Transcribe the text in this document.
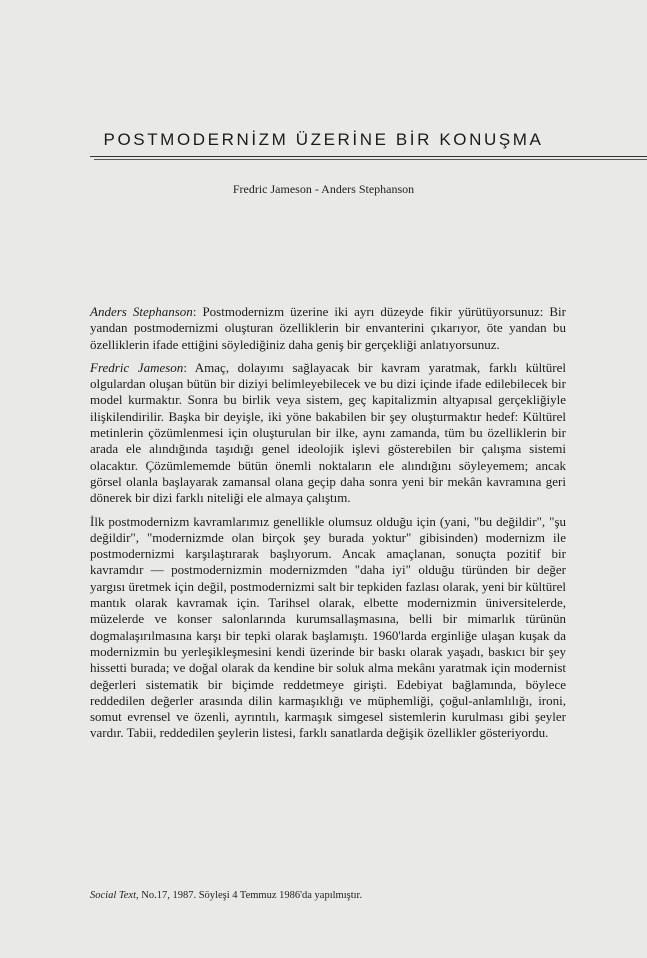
POSTMODERNİZM ÜZERİNE BİR KONUŞMA
Fredric Jameson - Anders Stephanson

Anders Stephanson: Postmodernizm üzerine iki ayrı düzeyde fikir yürütüyorsunuz: Bir yandan postmodernizmi oluşturan özelliklerin bir envanterini çıkarıyor, öte yandan bu özelliklerin ifade ettiğini söylediğiniz daha geniş bir gerçekliği anlatıyorsunuz.

Fredric Jameson: Amaç, dolayımı sağlayacak bir kavram yaratmak, farklı kültürel olgulardan oluşan bütün bir diziyi belimleyebilecek ve bu dizi içinde ifade edilebilecek bir model kurmaktır. Sonra bu birlik veya sistem, geç kapitalizmin altyapısal gerçekliğiyle ilişkilendirilir. Başka bir deyişle, iki yöne bakabilen bir şey oluşturmaktır hedef: Kültürel metinlerin çözümlenmesi için oluşturulan bir ilke, aynı zamanda, tüm bu özelliklerin bir arada ele alındığında taşıdığı genel ideolojik işlevi gösterebilen bir çalışma sistemi olacaktır. Çözümlememde bütün önemli noktaların ele alındığını söyleyemem; ancak görsel olanla başlayarak zamansal olana geçip daha sonra yeni bir mekân kavramına geri dönerek bir dizi farklı niteliği ele almaya çalıştım.

İlk postmodernizm kavramlarımız genellikle olumsuz olduğu için (yani, "bu değildir", "şu değildir", "modernizmde olan birçok şey burada yoktur" gibisinden) modernizm ile postmodernizmi karşılaştırarak başlıyorum. Ancak amaçlanan, sonuçta pozitif bir kavramdır — postmodernizmin modernizmden "daha iyi" olduğu türünden bir değer yargısı üretmek için değil, postmodernizmi salt bir tepkiden fazlası olarak, yeni bir kültürel mantık olarak kavramak için. Tarihsel olarak, elbette modernizmin üniversitelerde, müzelerde ve konser salonlarında kurumsallaşmasına, belli bir mimarlık türünün dogmalaşırılmasına karşı bir tepki olarak başlamıştı. 1960'larda erginliğe ulaşan kuşak da modernizmin bu yerleşikleşmesini kendi üzerinde bir baskı olarak yaşadı, baskıcı bir şey hissetti burada; ve doğal olarak da kendine bir soluk alma mekânı yaratmak için modernist değerleri sistematik bir biçimde reddetmeye girişti. Edebiyat bağlamında, böylece reddedilen değerler arasında dilin karmaşıklığı ve müphemliği, çoğul-anlamlılığı, ironi, somut evrensel ve özenli, ayrıntılı, karmaşık simgesel sistemlerin kurulması gibi şeyler vardır. Tabii, reddedilen şeylerin listesi, farklı sanatlarda değişik özellikler gösteriyordu.

Social Text, No.17, 1987. Söyleşi 4 Temmuz 1986'da yapılmıştır.
